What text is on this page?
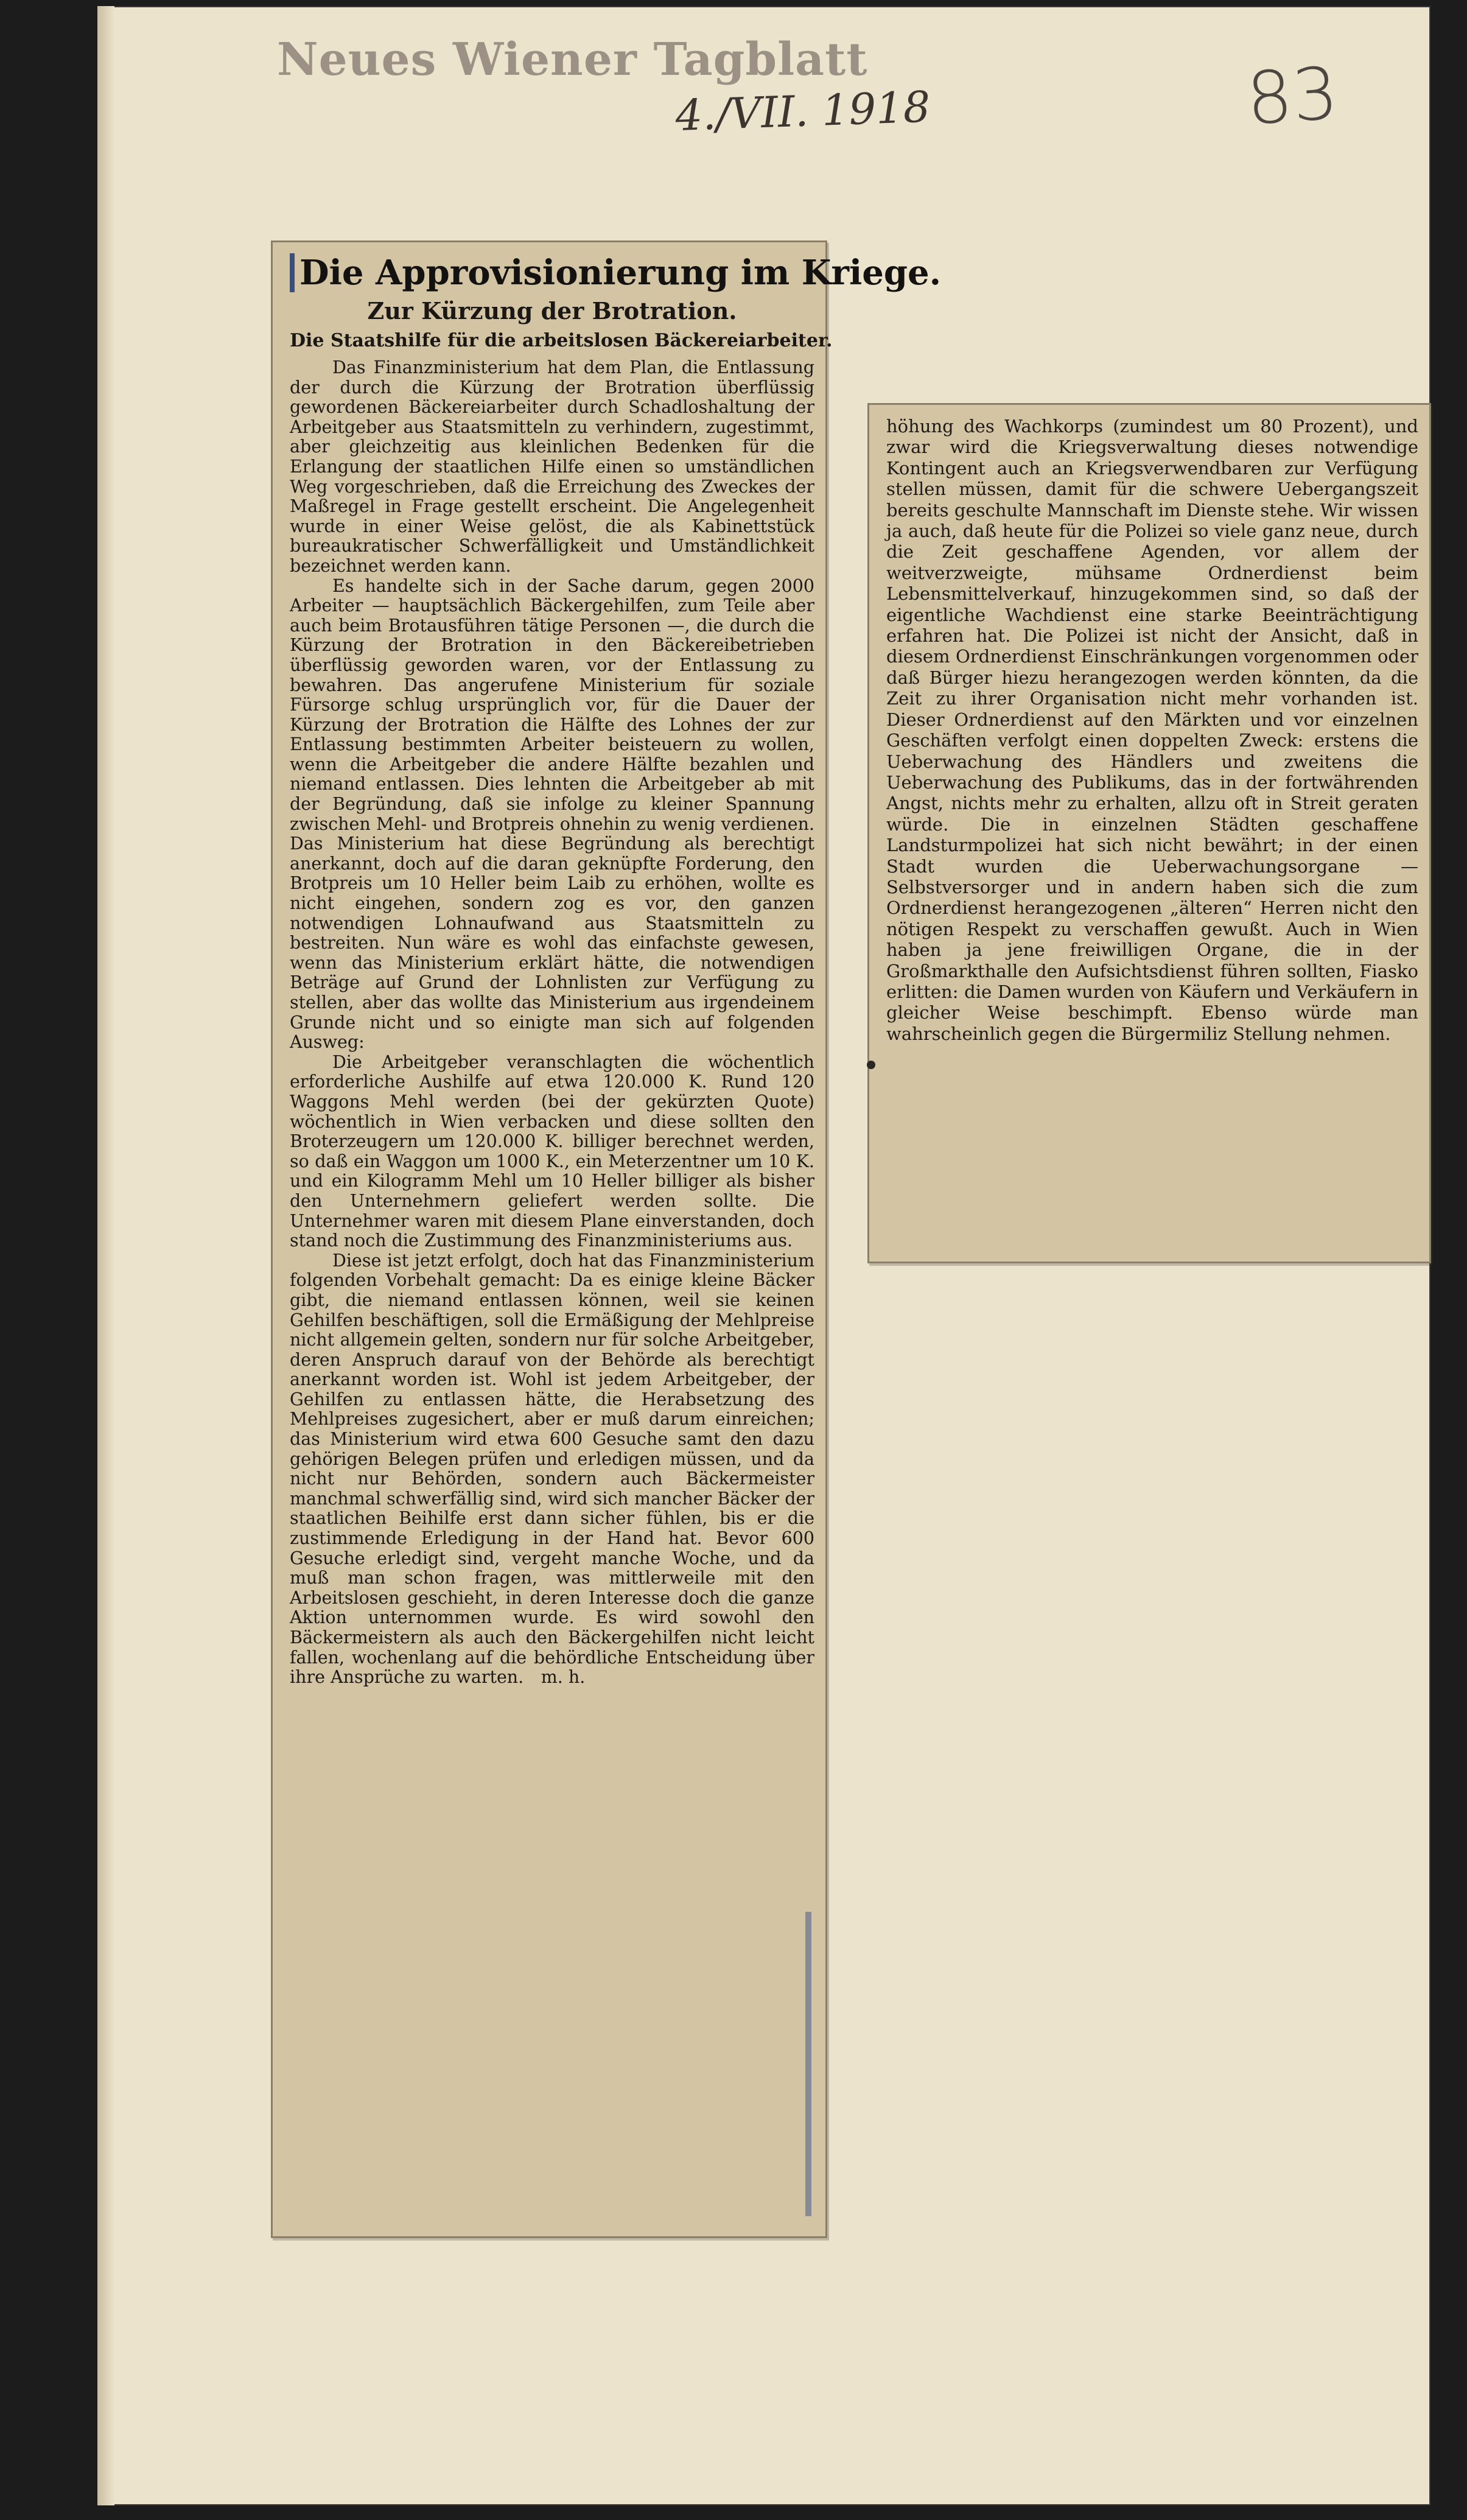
Neues Wiener Tagblatt
4./VII. 1918	83
Die Approvisionierung im Kriege.
Zur Kürzung der Brotration.
Die Staatshilfe für die arbeitslosen Bäckereiarbeiter.

Das Finanzministerium hat dem Plan, die Entlassung der durch die Kürzung der Brotration überflüssig gewordenen Bäckereiarbeiter durch Schadloshaltung der Arbeitgeber aus Staatsmitteln zu verhindern, zugestimmt, aber gleichzeitig aus kleinlichen Bedenken für die Erlangung der staatlichen Hilfe einen so umständlichen Weg vorgeschrieben, daß die Erreichung des Zweckes der Maßregel in Frage gestellt erscheint. Die Angelegenheit wurde in einer Weise gelöst, die als Kabinettstück bureaukratischer Schwerfälligkeit und Umständlichkeit bezeichnet werden kann.

Es handelte sich in der Sache darum, gegen 2000 Arbeiter — hauptsächlich Bäckergehilfen, zum Teile aber auch beim Brotausführen tätige Personen —, die durch die Kürzung der Brotration in den Bäckereibetrieben überflüssig geworden waren, vor der Entlassung zu bewahren. Das angerufene Ministerium für soziale Fürsorge schlug ursprünglich vor, für die Dauer der Kürzung der Brotration die Hälfte des Lohnes der zur Entlassung bestimmten Arbeiter beisteuern zu wollen, wenn die Arbeitgeber die andere Hälfte bezahlen und niemand entlassen. Dies lehnten die Arbeitgeber ab mit der Begründung, daß sie infolge zu kleiner Spannung zwischen Mehl- und Brotpreis ohnehin zu wenig verdienen. Das Ministerium hat diese Begründung als berechtigt anerkannt, doch auf die daran geknüpfte Forderung, den Brotpreis um 10 Heller beim Laib zu erhöhen, wollte es nicht eingehen, sondern zog es vor, den ganzen notwendigen Lohnaufwand aus Staatsmitteln zu bestreiten. Nun wäre es wohl das einfachste gewesen, wenn das Ministerium erklärt hätte, die notwendigen Beträge auf Grund der Lohnlisten zur Verfügung zu stellen, aber das wollte das Ministerium aus irgendeinem Grunde nicht und so einigte man sich auf folgenden Ausweg:

Die Arbeitgeber veranschlagten die wöchentlich erforderliche Aushilfe auf etwa 120.000 K. Rund 120 Waggons Mehl werden (bei der gekürzten Quote) wöchentlich in Wien verbacken und diese sollten den Broterzeugern um 120.000 K. billiger berechnet werden, so daß ein Waggon um 1000 K., ein Meterzentner um 10 K. und ein Kilogramm Mehl um 10 Heller billiger als bisher den Unternehmern geliefert werden sollte. Die Unternehmer waren mit diesem Plane einverstanden, doch stand noch die Zustimmung des Finanzministeriums aus.

Diese ist jetzt erfolgt, doch hat das Finanzministerium folgenden Vorbehalt gemacht: Da es einige kleine Bäcker gibt, die niemand entlassen können, weil sie keinen Gehilfen beschäftigen, soll die Ermäßigung der Mehlpreise nicht allgemein gelten, sondern nur für solche Arbeitgeber, deren Anspruch darauf von der Behörde als berechtigt anerkannt worden ist. Wohl ist jedem Arbeitgeber, der Gehilfen zu entlassen hätte, die Herabsetzung des Mehlpreises zugesichert, aber er muß darum einreichen; das Ministerium wird etwa 600 Gesuche samt den dazu gehörigen Belegen prüfen und erledigen müssen, und da nicht nur Behörden, sondern auch Bäckermeister manchmal schwerfällig sind, wird sich mancher Bäcker der staatlichen Beihilfe erst dann sicher fühlen, bis er die zustimmende Erledigung in der Hand hat. Bevor 600 Gesuche erledigt sind, vergeht manche Woche, und da muß man schon fragen, was mittlerweile mit den Arbeitslosen geschieht, in deren Interesse doch die ganze Aktion unternommen wurde. Es wird sowohl den Bäckermeistern als auch den Bäckergehilfen nicht leicht fallen, wochenlang auf die behördliche Entscheidung über ihre Ansprüche zu warten.  m. h.

höhung des Wachkorps (zumindest um 80 Prozent), und zwar wird die Kriegsverwaltung dieses notwendige Kontingent auch an Kriegsverwendbaren zur Verfügung stellen müssen, damit für die schwere Uebergangszeit bereits geschulte Mannschaft im Dienste stehe. Wir wissen ja auch, daß heute für die Polizei so viele ganz neue, durch die Zeit geschaffene Agenden, vor allem der weitverzweigte, mühsame Ordnerdienst beim Lebensmittelverkauf, hinzugekommen sind, so daß der eigentliche Wachdienst eine starke Beeinträchtigung erfahren hat. Die Polizei ist nicht der Ansicht, daß in diesem Ordnerdienst Einschränkungen vorgenommen oder daß Bürger hiezu herangezogen werden könnten, da die Zeit zu ihrer Organisation nicht mehr vorhanden ist. Dieser Ordnerdienst auf den Märkten und vor einzelnen Geschäften verfolgt einen doppelten Zweck: erstens die Ueberwachung des Händlers und zweitens die Ueberwachung des Publikums, das in der fortwährenden Angst, nichts mehr zu erhalten, allzu oft in Streit geraten würde. Die in einzelnen Städten geschaffene Landsturmpolizei hat sich nicht bewährt; in der einen Stadt wurden die Ueberwachungsorgane — Selbstversorger und in andern haben sich die zum Ordnerdienst herangezogenen „älteren“ Herren nicht den nötigen Respekt zu verschaffen gewußt. Auch in Wien haben ja jene freiwilligen Organe, die in der Großmarkthalle den Aufsichtsdienst führen sollten, Fiasko erlitten: die Damen wurden von Käufern und Verkäufern in gleicher Weise beschimpft. Ebenso würde man wahrscheinlich gegen die Bürgermiliz Stellung nehmen.
